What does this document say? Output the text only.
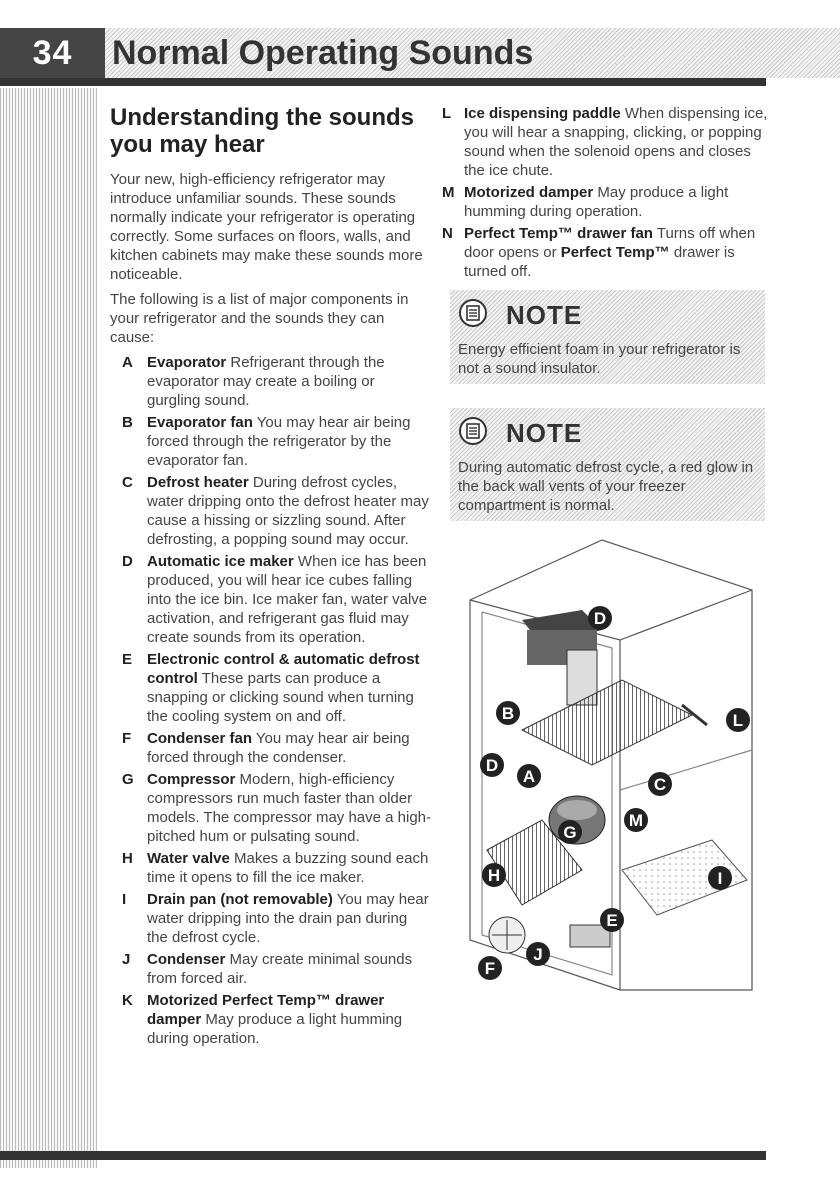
34	Normal Operating Sounds
Understanding the sounds you may hear

Your new, high-efficiency refrigerator may introduce unfamiliar sounds. These sounds normally indicate your refrigerator is operating correctly. Some surfaces on floors, walls, and kitchen cabinets may make these sounds more noticeable.

The following is a list of major components in your refrigerator and the sounds they can cause:

A Evaporator Refrigerant through the evaporator may create a boiling or gurgling sound.
B Evaporator fan You may hear air being forced through the refrigerator by the evaporator fan.
C Defrost heater During defrost cycles, water dripping onto the defrost heater may cause a hissing or sizzling sound. After defrosting, a popping sound may occur.
D Automatic ice maker When ice has been produced, you will hear ice cubes falling into the ice bin. Ice maker fan, water valve activation, and refrigerant gas fluid may create sounds from its operation.
E Electronic control & automatic defrost control These parts can produce a snapping or clicking sound when turning the cooling system on and off.
F Condenser fan You may hear air being forced through the condenser.
G Compressor Modern, high-efficiency compressors run much faster than older models. The compressor may have a high-pitched hum or pulsating sound.
H Water valve Makes a buzzing sound each time it opens to fill the ice maker.
I Drain pan (not removable) You may hear water dripping into the drain pan during the defrost cycle.
J Condenser May create minimal sounds from forced air.
K Motorized Perfect Temp™ drawer damper May produce a light humming during operation.
L Ice dispensing paddle When dispensing ice, you will hear a snapping, clicking, or popping sound when the solenoid opens and closes the ice chute.
M Motorized damper May produce a light humming during operation.
N Perfect Temp™ drawer fan Turns off when door opens or Perfect Temp™ drawer is turned off.
NOTE
Energy efficient foam in your refrigerator is not a sound insulator.
NOTE
During automatic defrost cycle, a red glow in the back wall vents of your freezer compartment is normal.
D
B	L
D
A	C
M
G
H	I
E
J
F
